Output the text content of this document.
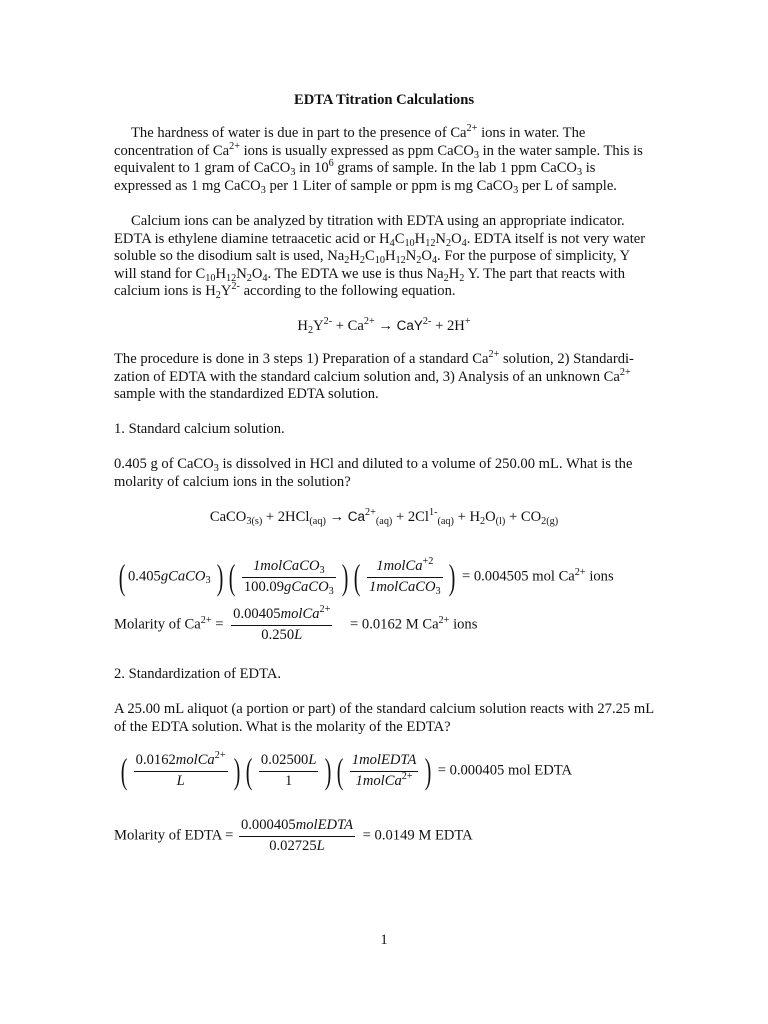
EDTA Titration Calculations
The hardness of water is due in part to the presence of $Ca^{2+}$ ions in water. The concentration of $Ca^{2+}$ ions is usually expressed as ppm CaCO$_3$ in the water sample. This is equivalent to 1 gram of CaCO$_3$ in $10^6$ grams of sample. In the lab 1 ppm CaCO$_3$ is expressed as 1 mg CaCO$_3$ per 1 Liter of sample or ppm is mg CaCO$_3$ per L of sample.
Calcium ions can be analyzed by titration with EDTA using an appropriate indicator. EDTA is ethylene diamine tetraacetic acid or $H_4C_{10}H_{12}N_2O_4$. EDTA itself is not very water soluble so the disodium salt is used, $Na_2H_2C_{10}H_{12}N_2O_4$. For the purpose of simplicity, Y will stand for $C_{10}H_{12}N_2O_4$. The EDTA we use is thus $Na_2H_2$ Y. The part that reacts with calcium ions is $H_2Y^{2-}$ according to the following equation.
$H_2Y^{2-} + Ca^{2+} \to CaY^{2-} + 2H^+$
The procedure is done in 3 steps 1) Preparation of a standard $Ca^{2+}$ solution, 2) Standardi-zation of EDTA with the standard calcium solution and, 3) Analysis of an unknown $Ca^{2+}$ sample with the standardized EDTA solution.
1. Standard calcium solution.
0.405 g of CaCO$_3$ is dissolved in HCl and diluted to a volume of 250.00 mL. What is the molarity of calcium ions in the solution?
CaCO$_{3(s)}$ + $2HCl_{(aq)} \to Ca^{2+}_{(aq)} + 2Cl^{1-}_{(aq)} + H_2O_{(l)} + CO_{2(g)}$
( 0.405gCaCO$_3$ ) ( $\frac{1molCaCO_3}{100.09gCaCO_3}$ ) ( $\frac{1molCa^{+2}}{1molCaCO_3}$ ) = 0.004505 mol $Ca^{2+}$ ions
Molarity of $Ca^{2+} = \frac{0.00405molCa^{2+}}{0.250L} = 0.0162$ M $Ca^{2+}$ ions
2. Standardization of EDTA.
A 25.00 mL aliquot (a portion or part) of the standard calcium solution reacts with 27.25 mL of the EDTA solution. What is the molarity of the EDTA?
( $\frac{0.0162molCa^{2+}}{L}$ ) ( $\frac{0.02500L}{1}$ ) ( $\frac{\text{1molEDTA}}{1molCa^{2+}}$ ) = 0.000405 mol EDTA
Molarity of EDTA = $\frac{\text{0.000405molEDTA}}{0.02725L} = 0.0149$ M EDTA
1
